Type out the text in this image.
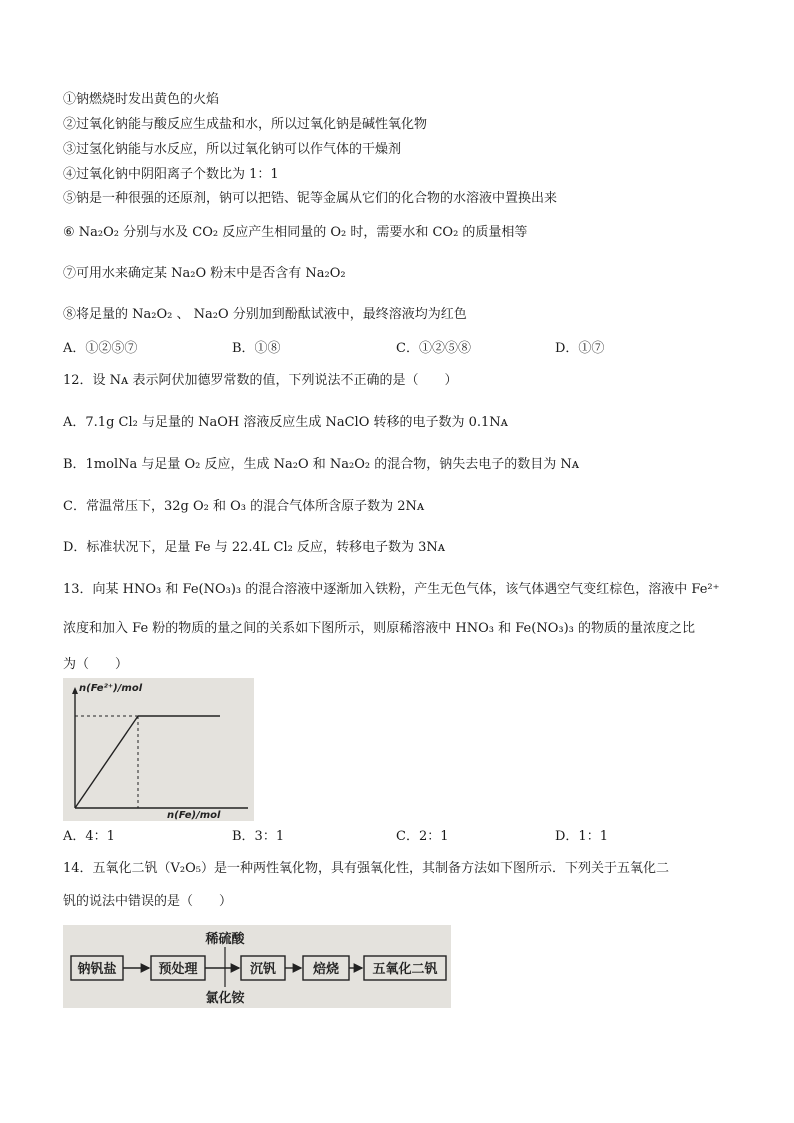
①钠燃烧时发出黄色的火焰
②过氧化钠能与酸反应生成盐和水，所以过氧化钠是碱性氧化物
③过氢化钠能与水反应，所以过氧化钠可以作气体的干燥剂
④过氧化钠中阴阳离子个数比为 1：1
⑤钠是一种很强的还原剂，钠可以把锆、铌等金属从它们的化合物的水溶液中置换出来
⑥ Na₂O₂ 分别与水及 CO₂ 反应产生相同量的 O₂ 时，需要水和 CO₂ 的质量相等
⑦可用水来确定某 Na₂O 粉末中是否含有 Na₂O₂
⑧将足量的 Na₂O₂ 、 Na₂O 分别加到酚酞试液中，最终溶液均为红色
A．①②⑤⑦	B．①⑧	C．①②⑤⑧	D．①⑦
12．设 Nᴀ 表示阿伏加德罗常数的值，下列说法不正确的是（　　）
A．7.1g Cl₂ 与足量的 NaOH 溶液反应生成 NaClO 转移的电子数为 0.1Nᴀ
B．1molNa 与足量 O₂ 反应，生成 Na₂O 和 Na₂O₂ 的混合物，钠失去电子的数目为 Nᴀ
C．常温常压下，32g O₂ 和 O₃ 的混合气体所含原子数为 2Nᴀ
D．标准状况下，足量 Fe 与 22.4L Cl₂ 反应，转移电子数为 3Nᴀ
13．向某 HNO₃ 和 Fe(NO₃)₃ 的混合溶液中逐渐加入铁粉，产生无色气体，该气体遇空气变红棕色，溶液中 Fe²⁺
浓度和加入 Fe 粉的物质的量之间的关系如下图所示，则原稀溶液中 HNO₃ 和 Fe(NO₃)₃ 的物质的量浓度之比
为（　　）
n(Fe²⁺)/mol
n(Fe)/mol
A．4：1	B．3：1	C．2：1	D．1：1
14．五氧化二钒（V₂O₅）是一种两性氧化物，具有强氧化性，其制备方法如下图所示．下列关于五氧化二
钒的说法中错误的是（　　）
钠钒盐	预处理	沉钒	焙烧	五氧化二钒
稀硫酸
氯化铵
